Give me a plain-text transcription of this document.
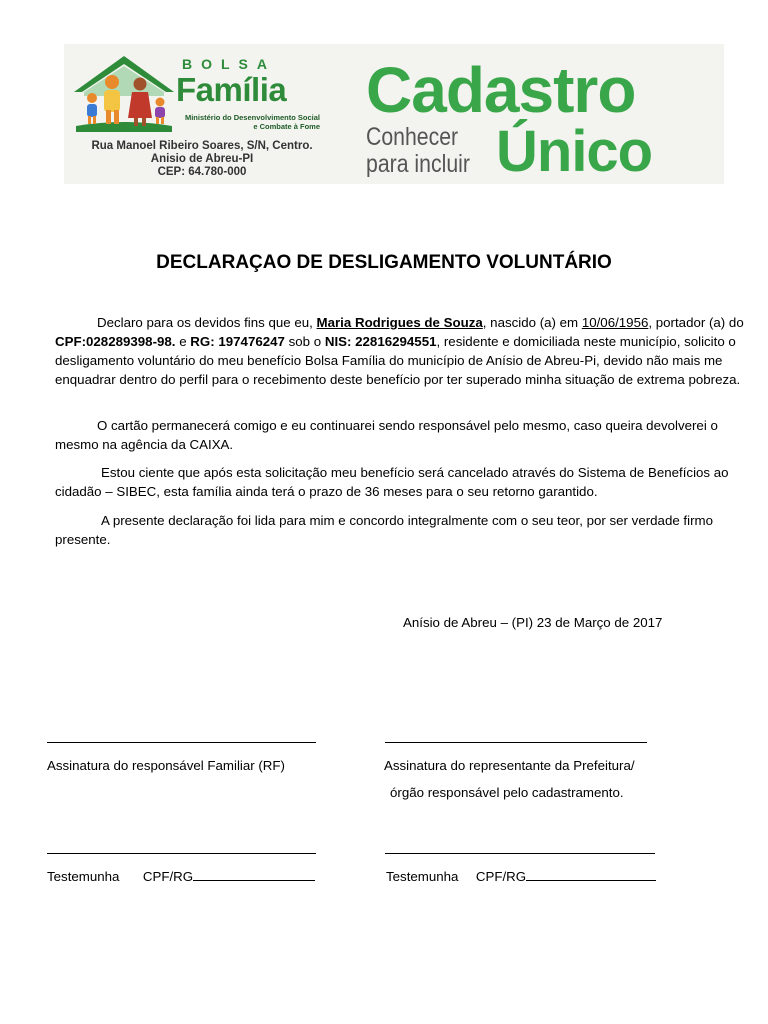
BOLSA
Família
Ministério do Desenvolvimento Social
e Combate à Fome
Rua Manoel Ribeiro Soares, S/N, Centro.
Anisio de Abreu-PI
CEP: 64.780-000
Cadastro
Conhecer
para incluir Único
DECLARAÇAO DE DESLIGAMENTO VOLUNTÁRIO
Declaro para os devidos fins que eu, Maria Rodrigues de Souza, nascido (a) em 10/06/1956, portador (a) do CPF:028289398-98. e RG: 197476247 sob o NIS: 22816294551, residente e domiciliada neste município, solicito o desligamento voluntário do meu benefício Bolsa Família do município de Anísio de Abreu-Pi, devido não mais me enquadrar dentro do perfil para o recebimento deste benefício por ter superado minha situação de extrema pobreza.
O cartão permanecerá comigo e eu continuarei sendo responsável pelo mesmo, caso queira devolverei o mesmo na agência da CAIXA.
Estou ciente que após esta solicitação meu benefício será cancelado através do Sistema de Benefícios ao cidadão – SIBEC, esta família ainda terá o prazo de 36 meses para o seu retorno garantido.
A presente declaração foi lida para mim e concordo integralmente com o seu teor, por ser verdade firmo presente.
Anísio de Abreu – (PI) 23 de Março de 2017
Assinatura do responsável Familiar (RF)	Assinatura do representante da Prefeitura/
órgão responsável pelo cadastramento.
Testemunha CPF/RG	Testemunha CPF/RG
